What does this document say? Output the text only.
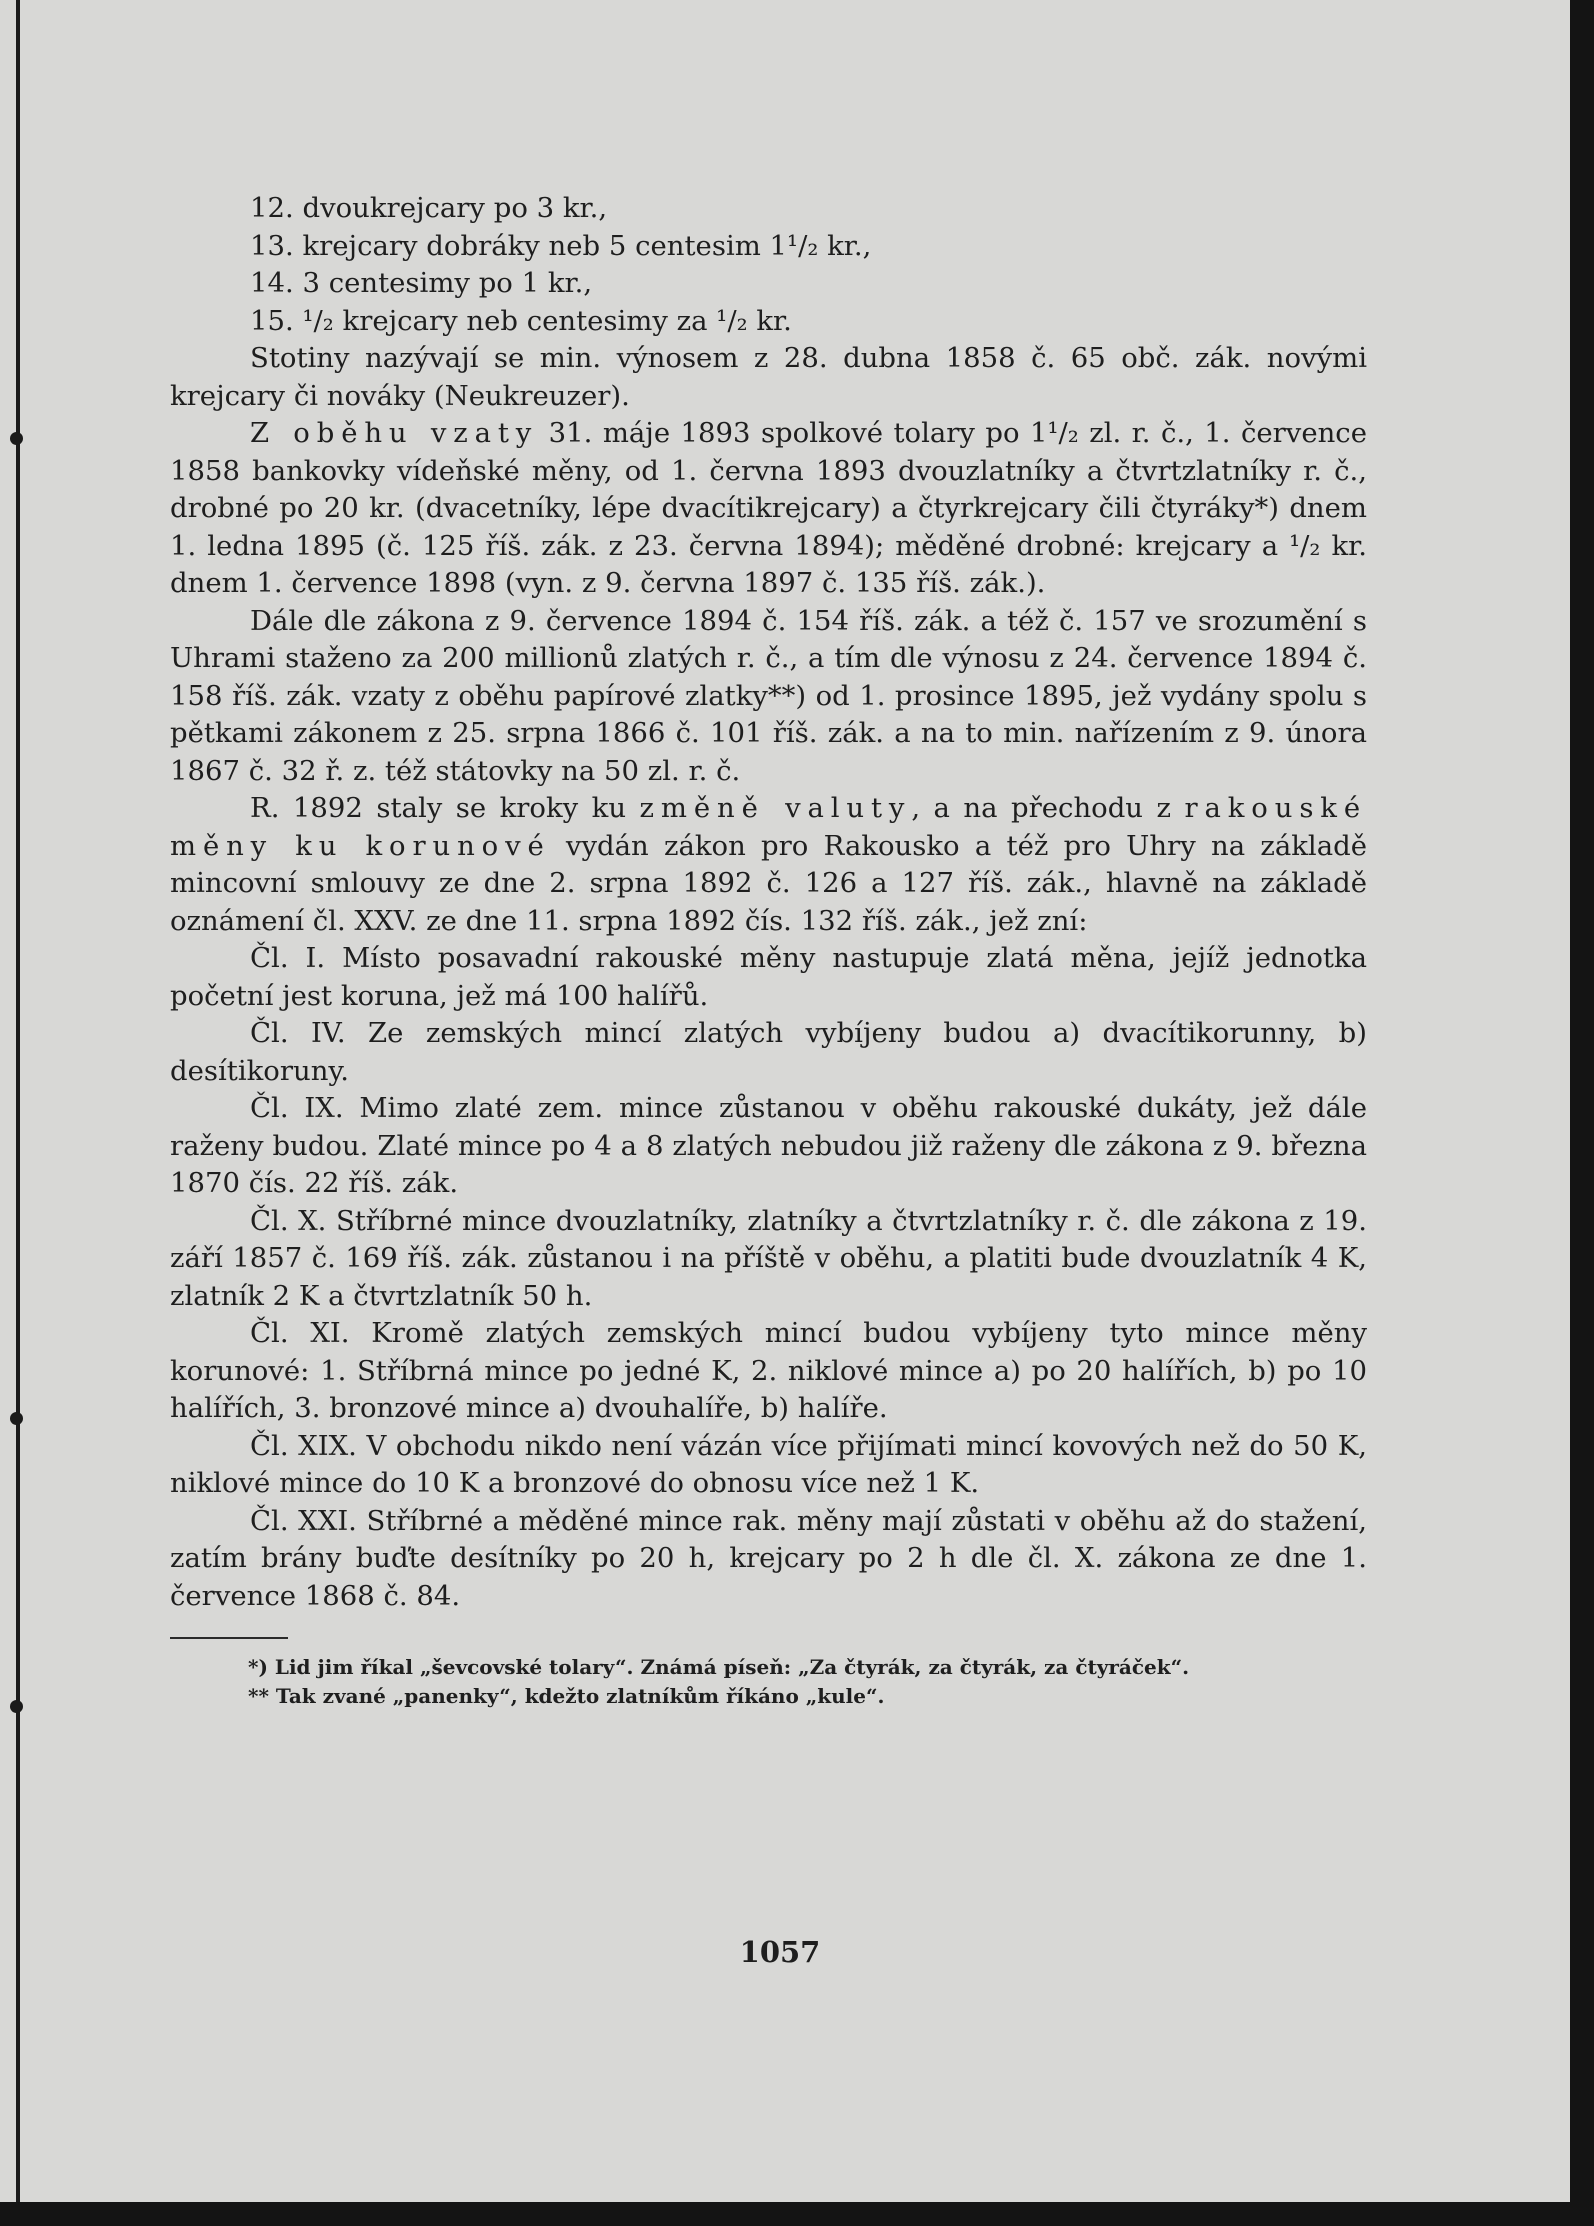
12. dvoukrejcary po 3 kr.,
13. krejcary dobráky neb 5 centesim 1¹/₂ kr.,
14. 3 centesimy po 1 kr.,
15. ¹/₂ krejcary neb centesimy za ¹/₂ kr.

Stotiny nazývají se min. výnosem z 28. dubna 1858 č. 65 obč. zák. novými krejcary či nováky (Neukreuzer).

Z oběhu vzaty 31. máje 1893 spolkové tolary po 1¹/₂ zl. r. č., 1. července 1858 bankovky vídeňské měny, od 1. června 1893 dvouzlatníky a čtvrtzlatníky r. č., drobné po 20 kr. (dvacetníky, lépe dvacítikrejcary) a čtyrkrejcary čili čtyráky*) dnem 1. ledna 1895 (č. 125 říš. zák. z 23. června 1894); měděné drobné: krejcary a ¹/₂ kr. dnem 1. července 1898 (vyn. z 9. června 1897 č. 135 říš. zák.).

Dále dle zákona z 9. července 1894 č. 154 říš. zák. a též č. 157 ve srozumění s Uhrami staženo za 200 millionů zlatých r. č., a tím dle výnosu z 24. července 1894 č. 158 říš. zák. vzaty z oběhu papírové zlatky**) od 1. prosince 1895, jež vydány spolu s pětkami zákonem z 25. srpna 1866 č. 101 říš. zák. a na to min. nařízením z 9. února 1867 č. 32 ř. z. též státovky na 50 zl. r. č.

R. 1892 staly se kroky ku změně valuty, a na přechodu z rakouské měny ku korunové vydán zákon pro Rakousko a též pro Uhry na základě mincovní smlouvy ze dne 2. srpna 1892 č. 126 a 127 říš. zák., hlavně na základě oznámení čl. XXV. ze dne 11. srpna 1892 čís. 132 říš. zák., jež zní:

Čl. I. Místo posavadní rakouské měny nastupuje zlatá měna, jejíž jednotka početní jest koruna, jež má 100 halířů.

Čl. IV. Ze zemských mincí zlatých vybíjeny budou a) dvacítikorunny, b) desítikoruny.

Čl. IX. Mimo zlaté zem. mince zůstanou v oběhu rakouské dukáty, jež dále raženy budou. Zlaté mince po 4 a 8 zlatých nebudou již raženy dle zákona z 9. března 1870 čís. 22 říš. zák.

Čl. X. Stříbrné mince dvouzlatníky, zlatníky a čtvrtzlatníky r. č. dle zákona z 19. září 1857 č. 169 říš. zák. zůstanou i na příště v oběhu, a platiti bude dvouzlatník 4 K, zlatník 2 K a čtvrtzlatník 50 h.

Čl. XI. Kromě zlatých zemských mincí budou vybíjeny tyto mince měny korunové: 1. Stříbrná mince po jedné K, 2. niklové mince a) po 20 halířích, b) po 10 halířích, 3. bronzové mince a) dvouhalíře, b) halíře.

Čl. XIX. V obchodu nikdo není vázán více přijímati mincí kovových než do 50 K, niklové mince do 10 K a bronzové do obnosu více než 1 K.

Čl. XXI. Stříbrné a měděné mince rak. měny mají zůstati v oběhu až do stažení, zatím brány buďte desítníky po 20 h, krejcary po 2 h dle čl. X. zákona ze dne 1. července 1868 č. 84.

*) Lid jim říkal „ševcovské tolary“. Známá píseň: „Za čtyrák, za čtyrák, za čtyráček“.
** Tak zvané „panenky“, kdežto zlatníkům říkáno „kule“.
1057
